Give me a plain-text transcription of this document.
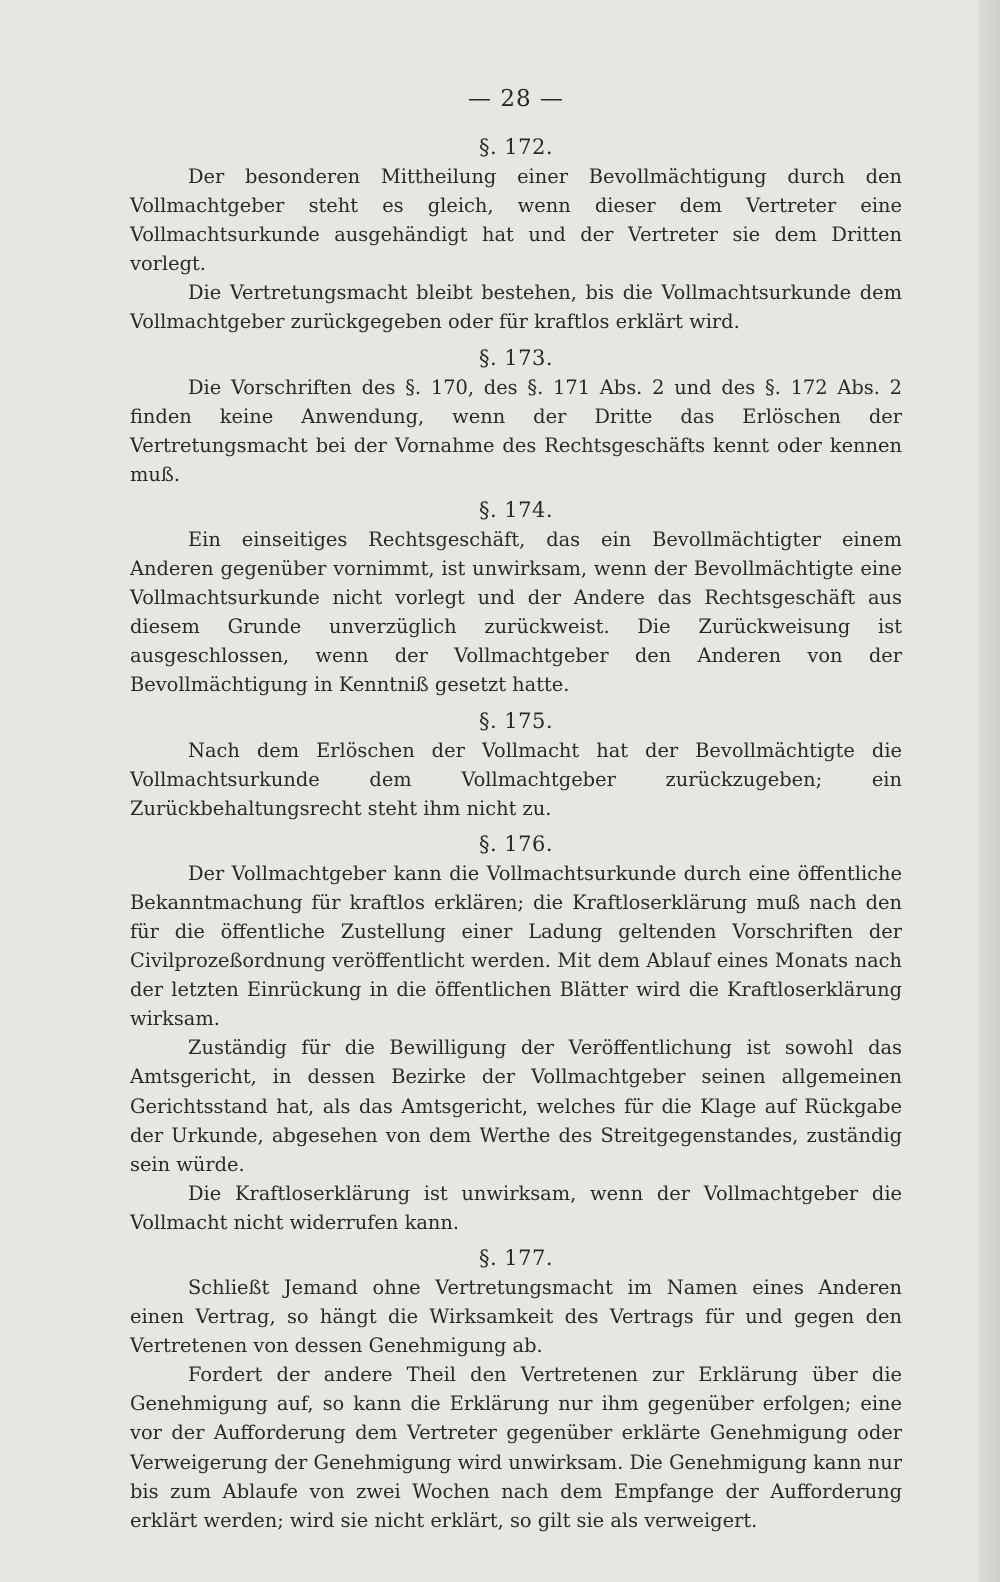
— 28 —
§. 172.

Der besonderen Mittheilung einer Bevollmächtigung durch den Vollmachtgeber steht es gleich, wenn dieser dem Vertreter eine Vollmachtsurkunde ausgehändigt hat und der Vertreter sie dem Dritten vorlegt.

Die Vertretungsmacht bleibt bestehen, bis die Vollmachtsurkunde dem Vollmachtgeber zurückgegeben oder für kraftlos erklärt wird.

§. 173.

Die Vorschriften des §. 170, des §. 171 Abs. 2 und des §. 172 Abs. 2 finden keine Anwendung, wenn der Dritte das Erlöschen der Vertretungsmacht bei der Vornahme des Rechtsgeschäfts kennt oder kennen muß.

§. 174.

Ein einseitiges Rechtsgeschäft, das ein Bevollmächtigter einem Anderen gegenüber vornimmt, ist unwirksam, wenn der Bevollmächtigte eine Vollmachtsurkunde nicht vorlegt und der Andere das Rechtsgeschäft aus diesem Grunde unverzüglich zurückweist. Die Zurückweisung ist ausgeschlossen, wenn der Vollmachtgeber den Anderen von der Bevollmächtigung in Kenntniß gesetzt hatte.

§. 175.

Nach dem Erlöschen der Vollmacht hat der Bevollmächtigte die Vollmachtsurkunde dem Vollmachtgeber zurückzugeben; ein Zurückbehaltungsrecht steht ihm nicht zu.

§. 176.

Der Vollmachtgeber kann die Vollmachtsurkunde durch eine öffentliche Bekanntmachung für kraftlos erklären; die Kraftloserklärung muß nach den für die öffentliche Zustellung einer Ladung geltenden Vorschriften der Civilprozeßordnung veröffentlicht werden. Mit dem Ablauf eines Monats nach der letzten Einrückung in die öffentlichen Blätter wird die Kraftloserklärung wirksam.

Zuständig für die Bewilligung der Veröffentlichung ist sowohl das Amtsgericht, in dessen Bezirke der Vollmachtgeber seinen allgemeinen Gerichtsstand hat, als das Amtsgericht, welches für die Klage auf Rückgabe der Urkunde, abgesehen von dem Werthe des Streitgegenstandes, zuständig sein würde.

Die Kraftloserklärung ist unwirksam, wenn der Vollmachtgeber die Vollmacht nicht widerrufen kann.

§. 177.

Schließt Jemand ohne Vertretungsmacht im Namen eines Anderen einen Vertrag, so hängt die Wirksamkeit des Vertrags für und gegen den Vertretenen von dessen Genehmigung ab.

Fordert der andere Theil den Vertretenen zur Erklärung über die Genehmigung auf, so kann die Erklärung nur ihm gegenüber erfolgen; eine vor der Aufforderung dem Vertreter gegenüber erklärte Genehmigung oder Verweigerung der Genehmigung wird unwirksam. Die Genehmigung kann nur bis zum Ablaufe von zwei Wochen nach dem Empfange der Aufforderung erklärt werden; wird sie nicht erklärt, so gilt sie als verweigert.
